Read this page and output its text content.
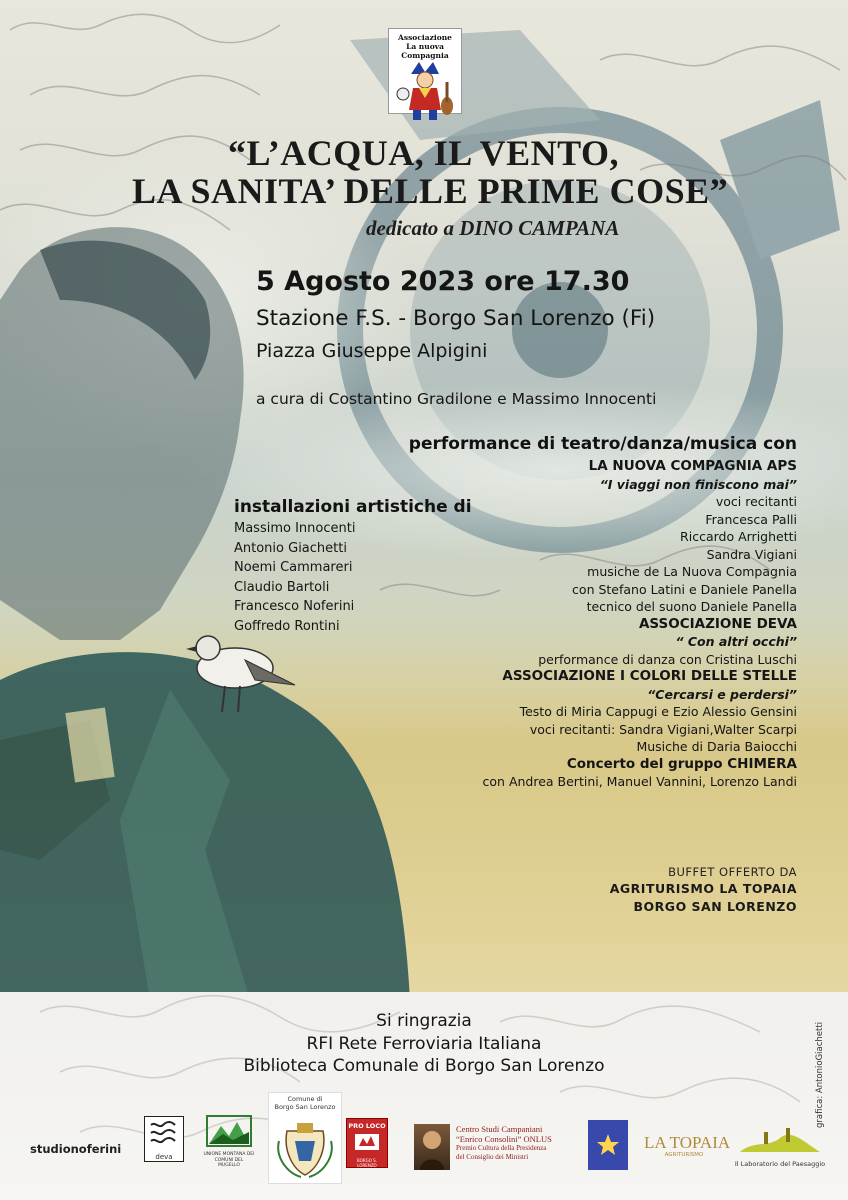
Associazione
La nuova Compagnia
“L’ACQUA, IL VENTO,
LA SANITA’ DELLE PRIME COSE”
dedicato a DINO CAMPANA
5 Agosto 2023 ore 17.30
Stazione F.S. - Borgo San Lorenzo (Fi)
Piazza Giuseppe Alpigini
a cura di Costantino Gradilone e Massimo Innocenti
performance di teatro/danza/musica con
LA NUOVA COMPAGNIA APS
“I viaggi non finiscono mai”
voci recitanti
Francesca Palli
Riccardo Arrighetti
Sandra Vigiani
musiche de La Nuova Compagnia
con Stefano Latini e Daniele Panella
tecnico del suono Daniele Panella
ASSOCIAZIONE DEVA
“ Con altri occhi”
performance di danza con Cristina Luschi
ASSOCIAZIONE I COLORI DELLE STELLE
“Cercarsi e perdersi”
Testo di Miria Cappugi e Ezio Alessio Gensini
voci recitanti: Sandra Vigiani,Walter Scarpi
Musiche di Daria Baiocchi
Concerto del gruppo CHIMERA
con Andrea Bertini, Manuel Vannini, Lorenzo Landi
installazioni artistiche di
Massimo Innocenti
Antonio Giachetti
Noemi Cammareri
Claudio Bartoli
Francesco Noferini
Goffredo Rontini
BUFFET OFFERTO DA
AGRITURISMO LA TOPAIA
BORGO SAN LORENZO
Si ringrazia
RFI Rete Ferroviaria Italiana
Biblioteca Comunale di Borgo San Lorenzo	grafica: AntonioGiachetti
studionoferini
deva	UNIONE MONTANA DEI COMUNI DEL MUGELLO
Comune di
Borgo San Lorenzo
PRO LOCO
BORGO S. LORENZO
Centro Studi Campaniani
“Enrico Consolini” ONLUS
Premio Cultura della Presidenza
del Consiglio dei Ministri
LA TOPAIA
AGRITURISMO
Il Laboratorio del Paesaggio
